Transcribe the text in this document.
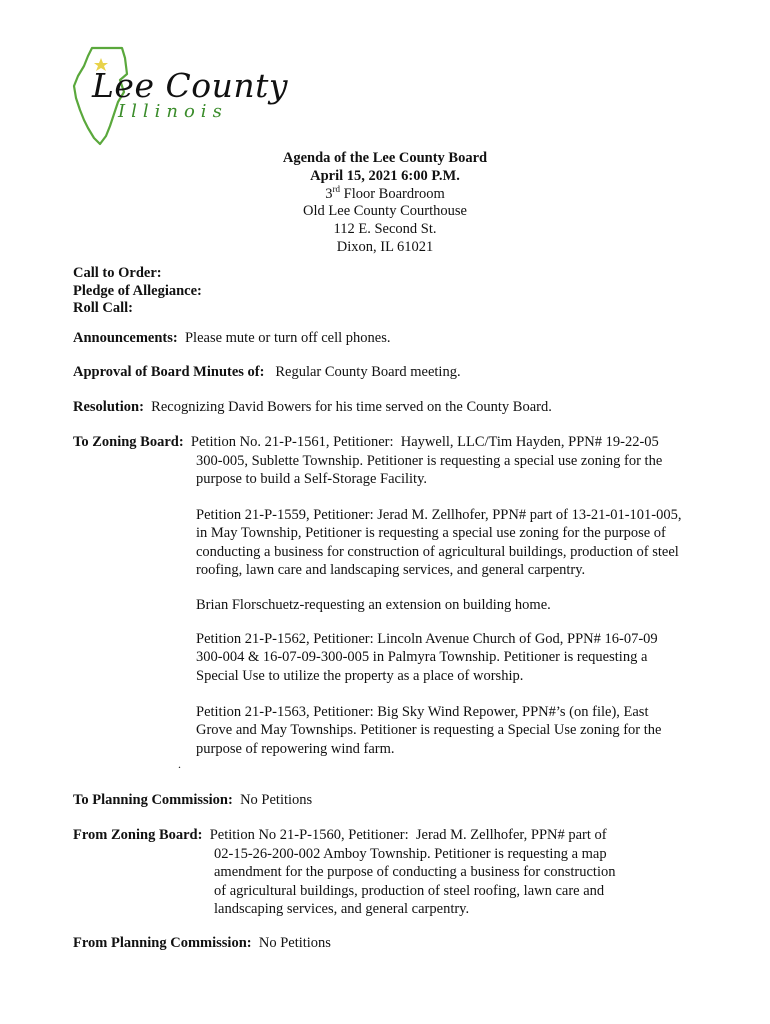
Lee County
Illinois
Agenda of the Lee County Board
April 15, 2021 6:00 P.M.
3rd Floor Boardroom
Old Lee County Courthouse
112 E. Second St.
Dixon, IL 61021
Call to Order:
Pledge of Allegiance:
Roll Call:
Announcements:  Please mute or turn off cell phones.
Approval of Board Minutes of:   Regular County Board meeting.
Resolution:  Recognizing David Bowers for his time served on the County Board.
To Zoning Board:  Petition No. 21-P-1561, Petitioner:  Haywell, LLC/Tim Hayden, PPN# 19-22-05
300-005, Sublette Township. Petitioner is requesting a special use zoning for the
purpose to build a Self-Storage Facility.
Petition 21-P-1559, Petitioner: Jerad M. Zellhofer, PPN# part of 13-21-01-101-005,
in May Township, Petitioner is requesting a special use zoning for the purpose of
conducting a business for construction of agricultural buildings, production of steel
roofing, lawn care and landscaping services, and general carpentry.
Brian Florschuetz-requesting an extension on building home.
Petition 21-P-1562, Petitioner: Lincoln Avenue Church of God, PPN# 16-07-09
300-004 & 16-07-09-300-005 in Palmyra Township. Petitioner is requesting a
Special Use to utilize the property as a place of worship.
Petition 21-P-1563, Petitioner: Big Sky Wind Repower, PPN#’s (on file), East
Grove and May Townships. Petitioner is requesting a Special Use zoning for the
purpose of repowering wind farm.
.
To Planning Commission:  No Petitions
From Zoning Board:  Petition No 21-P-1560, Petitioner:  Jerad M. Zellhofer, PPN# part of
02-15-26-200-002 Amboy Township. Petitioner is requesting a map
amendment for the purpose of conducting a business for construction
of agricultural buildings, production of steel roofing, lawn care and
landscaping services, and general carpentry.
From Planning Commission:  No Petitions
